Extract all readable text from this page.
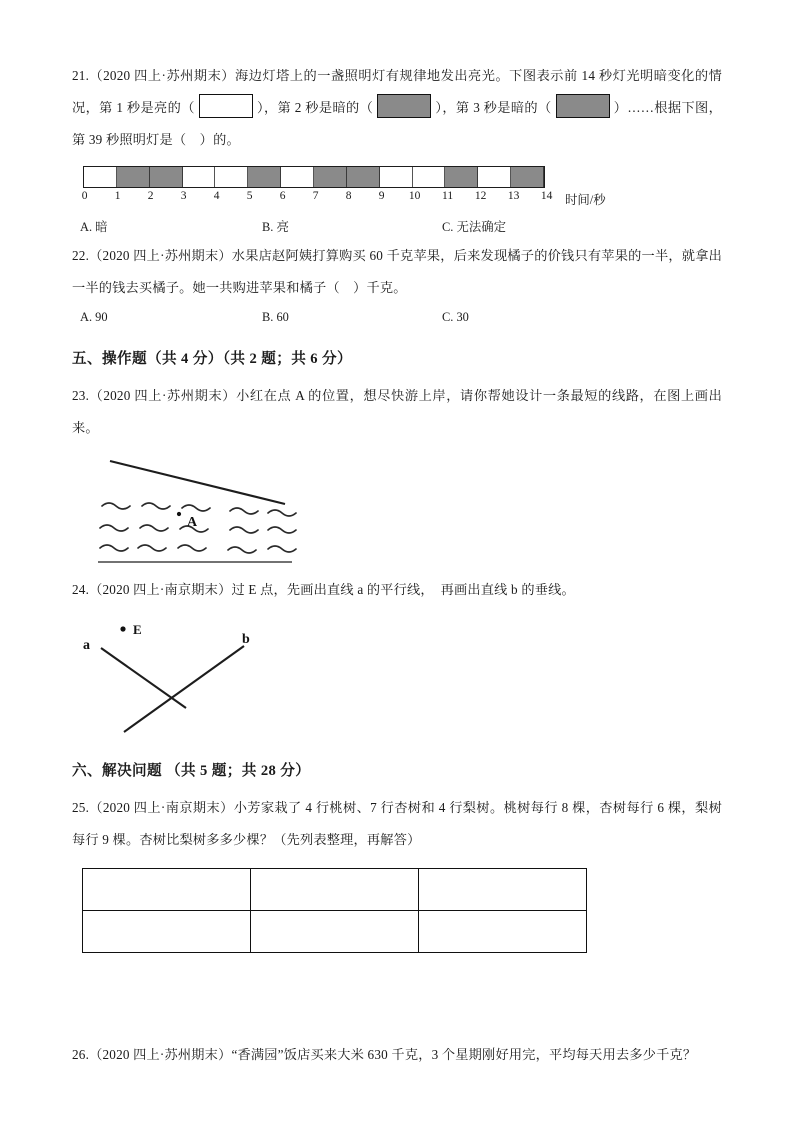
21.（2020 四上·苏州期末）海边灯塔上的一盏照明灯有规律地发出亮光。下图表示前 14 秒灯光明暗变化的情况，第 1 秒是亮的（	），第 2 秒是暗的（	），第 3 秒是暗的（	）……根据下图，第 39 秒照明灯是（　）的。

0 1 2 3 4 5 6 7 8 9 10 11 12 13 14 时间/秒
A. 暗	B. 亮	C. 无法确定

22.（2020 四上·苏州期末）水果店赵阿姨打算购买 60 千克苹果，后来发现橘子的价钱只有苹果的一半，就拿出一半的钱去买橘子。她一共购进苹果和橘子（　）千克。

A. 90	B. 60	C. 30
五、操作题（共 4 分）（共 2 题；共 6 分）

23.（2020 四上·苏州期末）小红在点 A 的位置，想尽快游上岸，请你帮她设计一条最短的线路，在图上画出来。

A

24.（2020 四上·南京期末）过 E 点，先画出直线 a 的平行线，　再画出直线 b 的垂线。

a	b
E
六、解决问题 （共 5 题；共 28 分）

25.（2020 四上·南京期末）小芳家栽了 4 行桃树、7 行杏树和 4 行梨树。桃树每行 8 棵，杏树每行 6 棵，梨树每行 9 棵。杏树比梨树多多少棵？（先列表整理，再解答）

26.（2020 四上·苏州期末）“香满园”饭店买来大米 630 千克，3 个星期刚好用完，平均每天用去多少千克？
